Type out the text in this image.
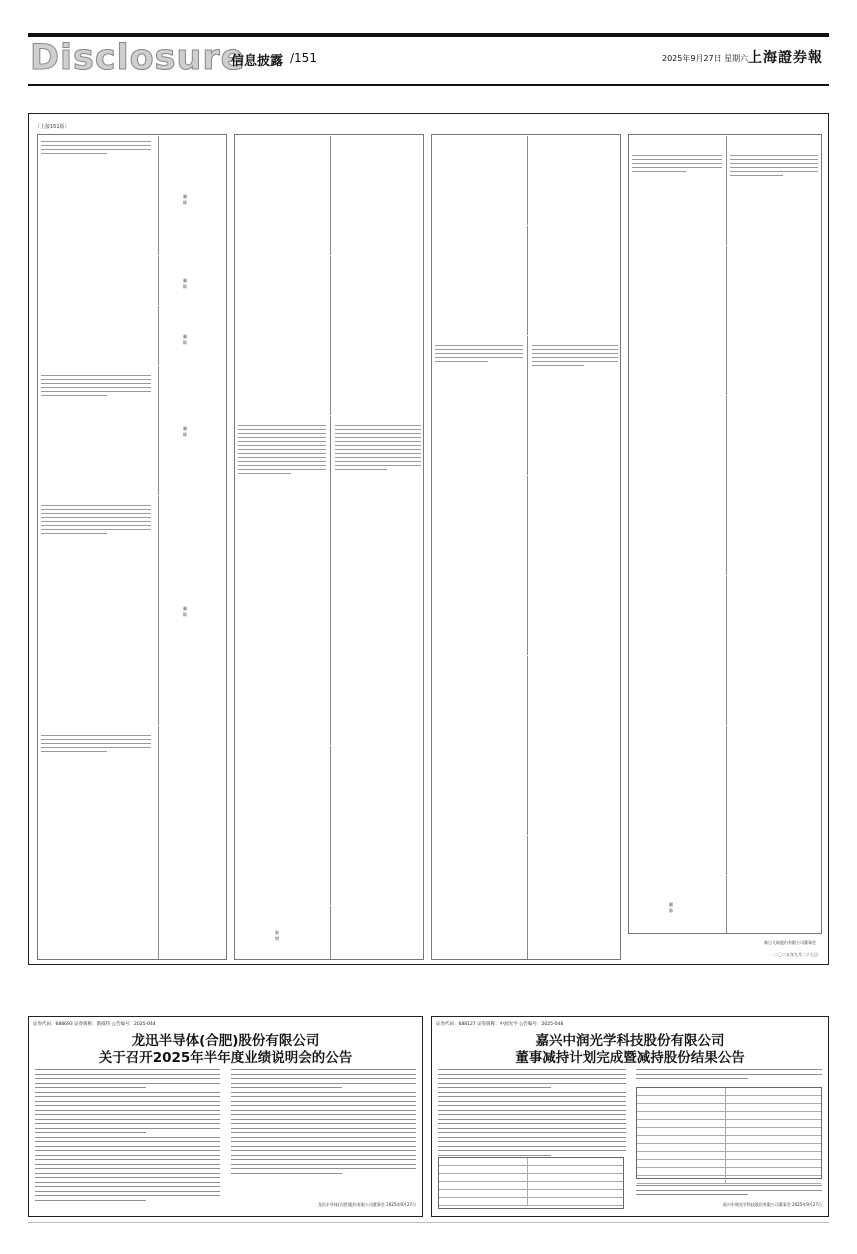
Disclosure
信息披露 /151	2025年9月27日 星期六 上海證券報
（上接151版）
删除
删除
删除
删除
删除
新增
删除
新日大陆股份有限公司董事会
二〇二五年九月二十七日
证券代码：688693 证券简称：锴威特 公告编号：2025-044
龙迅半导体(合肥)股份有限公司
关于召开2025年半年度业绩说明会的公告
龙迅半导体(合肥)股份有限公司董事会 2025年9月27日
证券代码：688127 证券简称：中润光学 公告编号：2025-048
嘉兴中润光学科技股份有限公司
董事减持计划完成暨减持股份结果公告
嘉兴中润光学科技股份有限公司董事会 2025年9月27日
